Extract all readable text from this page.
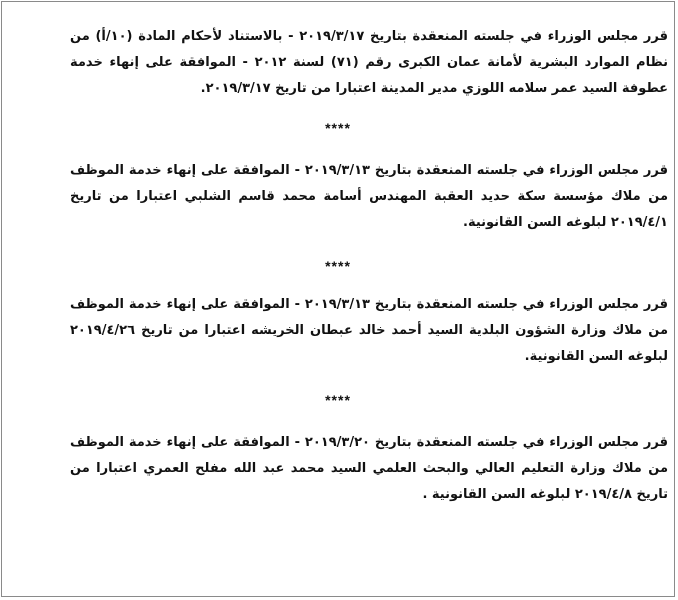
قرر مجلس الوزراء في جلسته المنعقدة بتاريخ ٢٠١٩/٣/١٧ - بالاستناد لأحكام المادة (١٠/أ) من نظام الموارد البشرية لأمانة عمان الكبرى رقم (٧١) لسنة ٢٠١٢ - الموافقة على إنهاء خدمة عطوفة السيد عمر سلامه اللوزي مدير المدينة اعتبارا من تاريخ ٢٠١٩/٣/١٧.

****

قرر مجلس الوزراء في جلسته المنعقدة بتاريخ ٢٠١٩/٣/١٣ - الموافقة على إنهاء خدمة الموظف من ملاك مؤسسة سكة حديد العقبة المهندس أسامة محمد قاسم الشلبي اعتبارا من تاريخ ٢٠١٩/٤/١ لبلوغه السن القانونية.

****

قرر مجلس الوزراء في جلسته المنعقدة بتاريخ ٢٠١٩/٣/١٣ - الموافقة على إنهاء خدمة الموظف من ملاك وزارة الشؤون البلدية السيد أحمد خالد عبطان الخريشه اعتبارا من تاريخ ٢٠١٩/٤/٢٦ لبلوغه السن القانونية.

****

قرر مجلس الوزراء في جلسته المنعقدة بتاريخ ٢٠١٩/٣/٢٠ - الموافقة على إنهاء خدمة الموظف من ملاك وزارة التعليم العالي والبحث العلمي السيد محمد عبد الله مفلح العمري اعتبارا من تاريخ ٢٠١٩/٤/٨ لبلوغه السن القانونية .
